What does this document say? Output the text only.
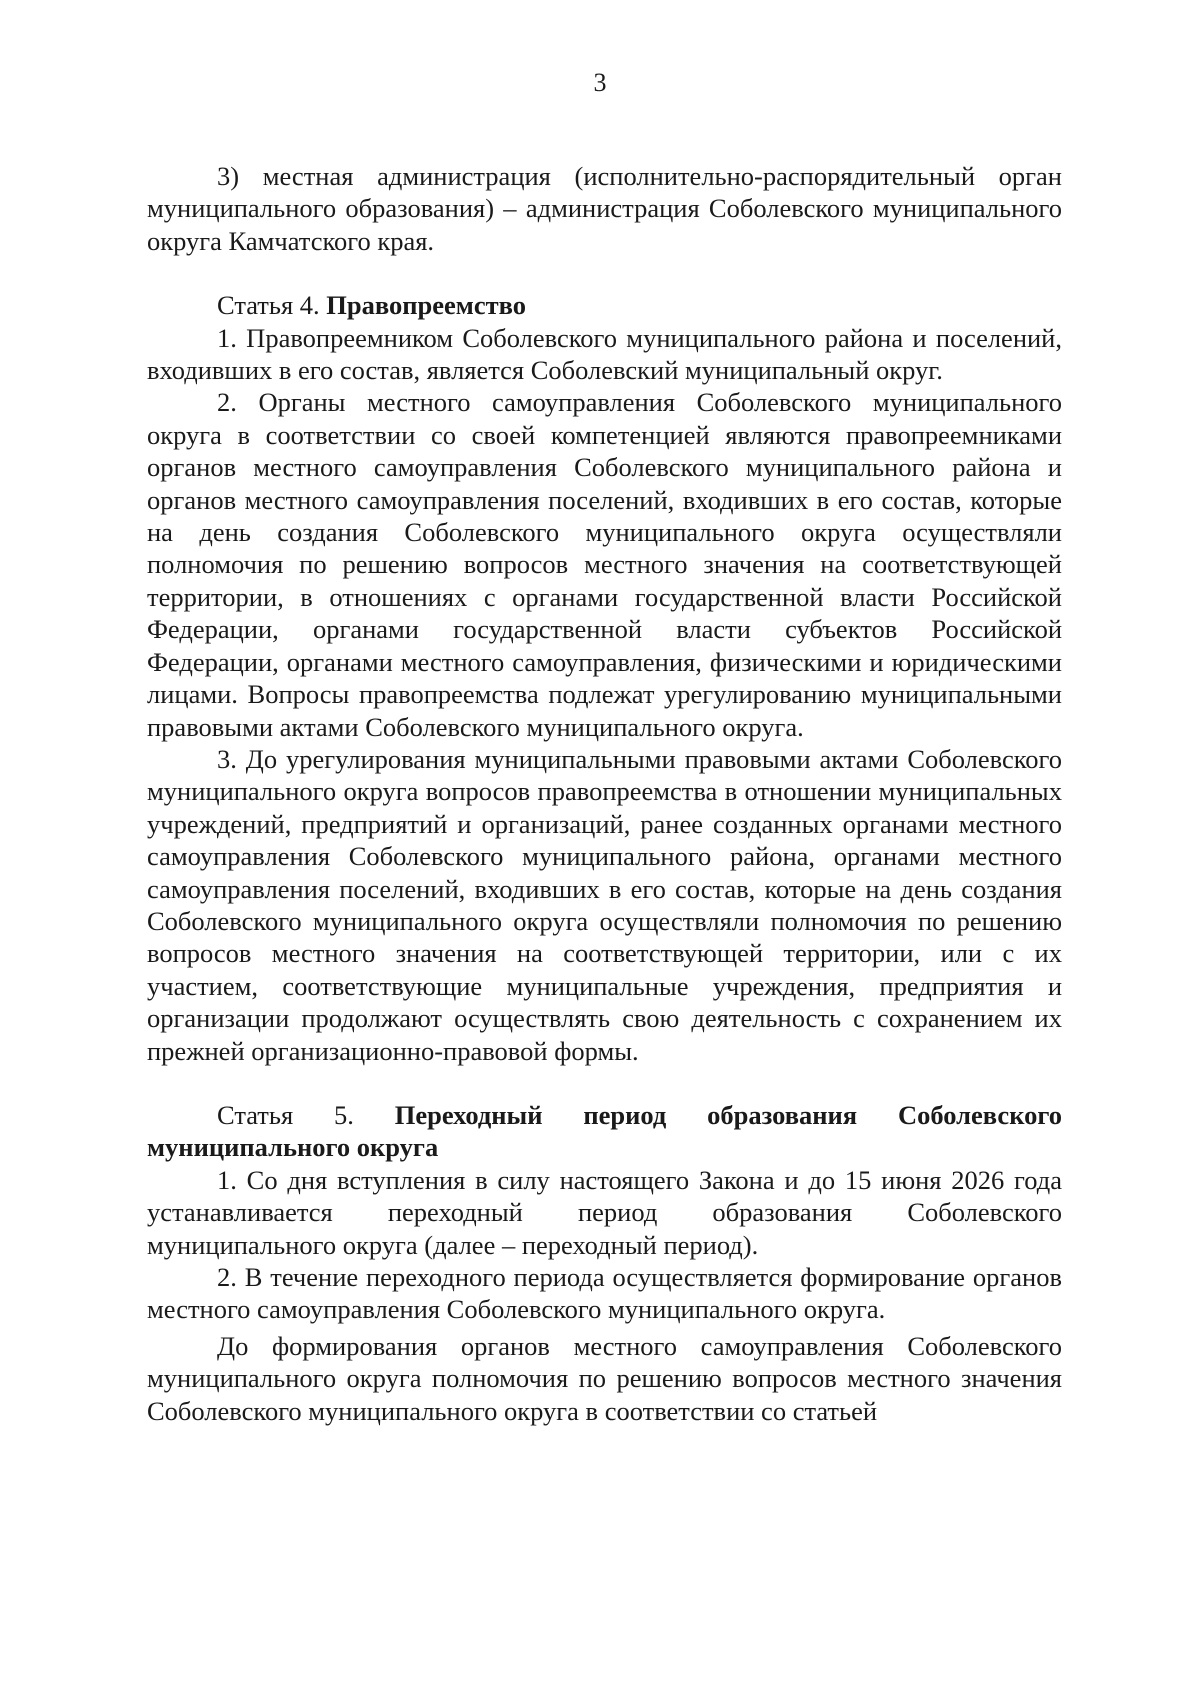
3

3) местная администрация (исполнительно-распорядительный орган муниципального образования) – администрация Соболевского муниципального округа Камчатского края.

Статья 4. Правопреемство

1. Правопреемником Соболевского муниципального района и поселений, входивших в его состав, является Соболевский муниципальный округ.

2. Органы местного самоуправления Соболевского муниципального округа в соответствии со своей компетенцией являются правопреемниками органов местного самоуправления Соболевского муниципального района и органов местного самоуправления поселений, входивших в его состав, которые на день создания Соболевского муниципального округа осуществляли полномочия по решению вопросов местного значения на соответствующей территории, в отношениях с органами государственной власти Российской Федерации, органами государственной власти субъектов Российской Федерации, органами местного самоуправления, физическими и юридическими лицами. Вопросы правопреемства подлежат урегулированию муниципальными правовыми актами Соболевского муниципального округа.

3. До урегулирования муниципальными правовыми актами Соболевского муниципального округа вопросов правопреемства в отношении муниципальных учреждений, предприятий и организаций, ранее созданных органами местного самоуправления Соболевского муниципального района, органами местного самоуправления поселений, входивших в его состав, которые на день создания Соболевского муниципального округа осуществляли полномочия по решению вопросов местного значения на соответствующей территории, или с их участием, соответствующие муниципальные учреждения, предприятия и организации продолжают осуществлять свою деятельность с сохранением их прежней организационно-правовой формы.

Статья 5. Переходный период образования Соболевского муниципального округа

1. Со дня вступления в силу настоящего Закона и до 15 июня 2026 года устанавливается переходный период образования Соболевского муниципального округа (далее – переходный период).

2. В течение переходного периода осуществляется формирование органов местного самоуправления Соболевского муниципального округа.

До формирования органов местного самоуправления Соболевского муниципального округа полномочия по решению вопросов местного значения Соболевского муниципального округа в соответствии со статьей
